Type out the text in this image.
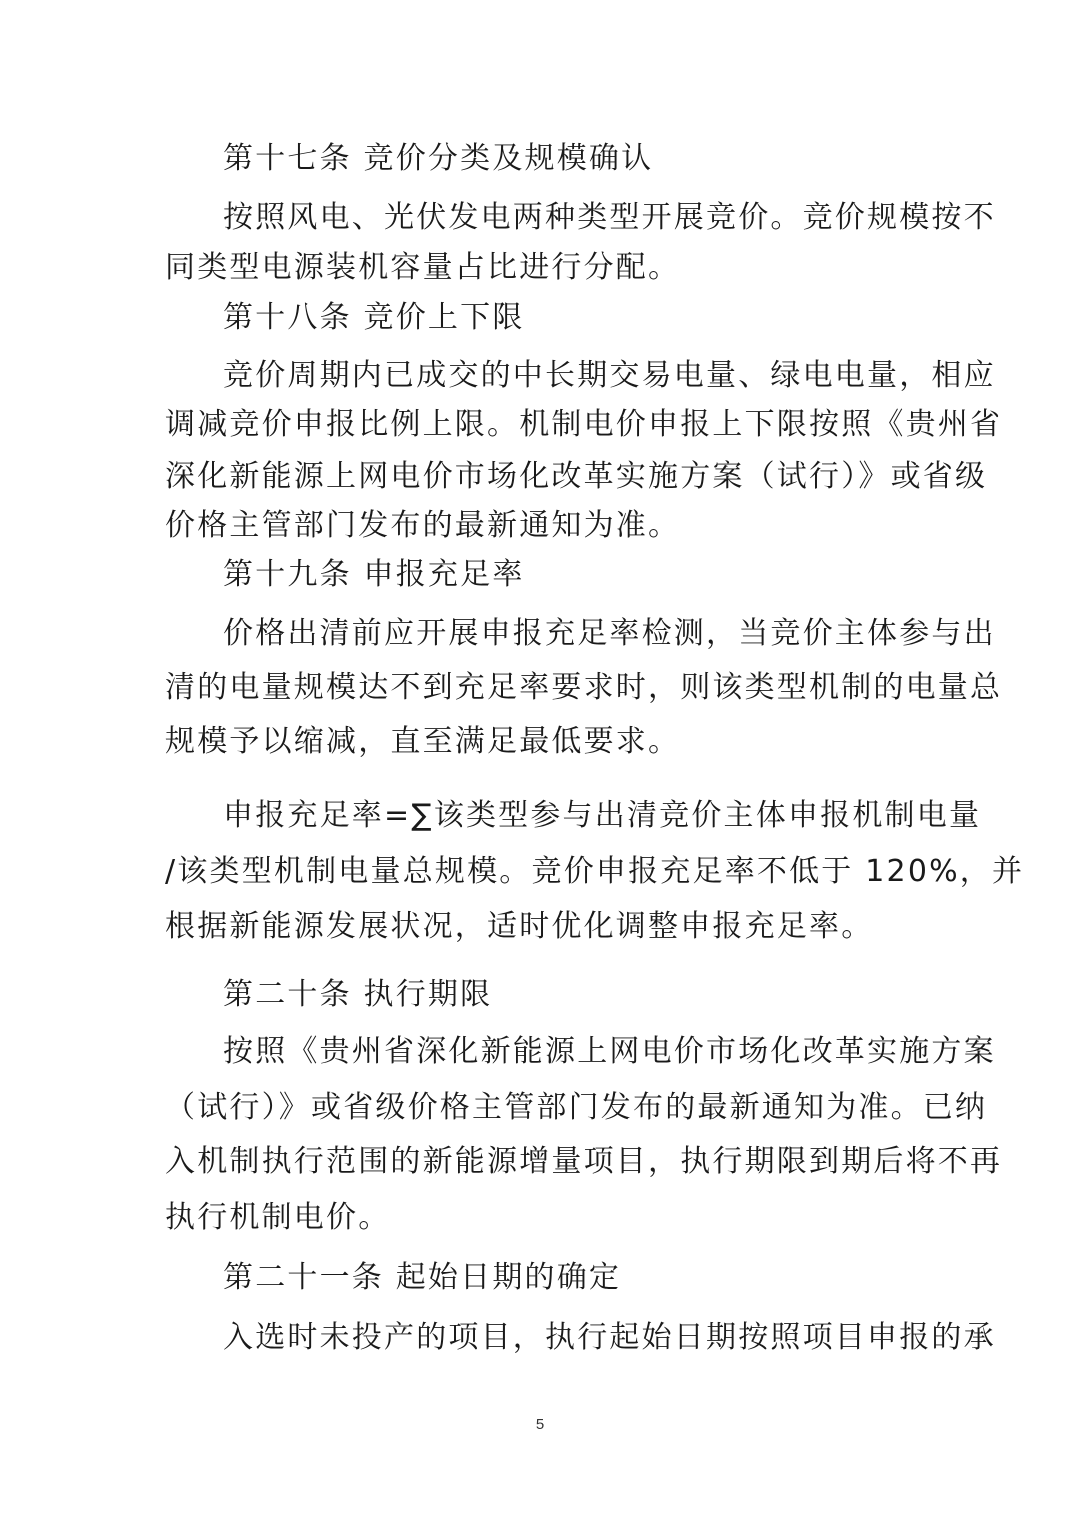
第十七条 竞价分类及规模确认
按照风电、光伏发电两种类型开展竞价。竞价规模按不
同类型电源装机容量占比进行分配。
第十八条 竞价上下限
竞价周期内已成交的中长期交易电量、绿电电量，相应
调减竞价申报比例上限。机制电价申报上下限按照《贵州省
深化新能源上网电价市场化改革实施方案（试行）》或省级
价格主管部门发布的最新通知为准。
第十九条 申报充足率
价格出清前应开展申报充足率检测，当竞价主体参与出
清的电量规模达不到充足率要求时，则该类型机制的电量总
规模予以缩减，直至满足最低要求。
申报充足率=∑该类型参与出清竞价主体申报机制电量
/该类型机制电量总规模。竞价申报充足率不低于 120%，并
根据新能源发展状况，适时优化调整申报充足率。
第二十条 执行期限
按照《贵州省深化新能源上网电价市场化改革实施方案
（试行）》或省级价格主管部门发布的最新通知为准。已纳
入机制执行范围的新能源增量项目，执行期限到期后将不再
执行机制电价。
第二十一条 起始日期的确定
入选时未投产的项目，执行起始日期按照项目申报的承
5
